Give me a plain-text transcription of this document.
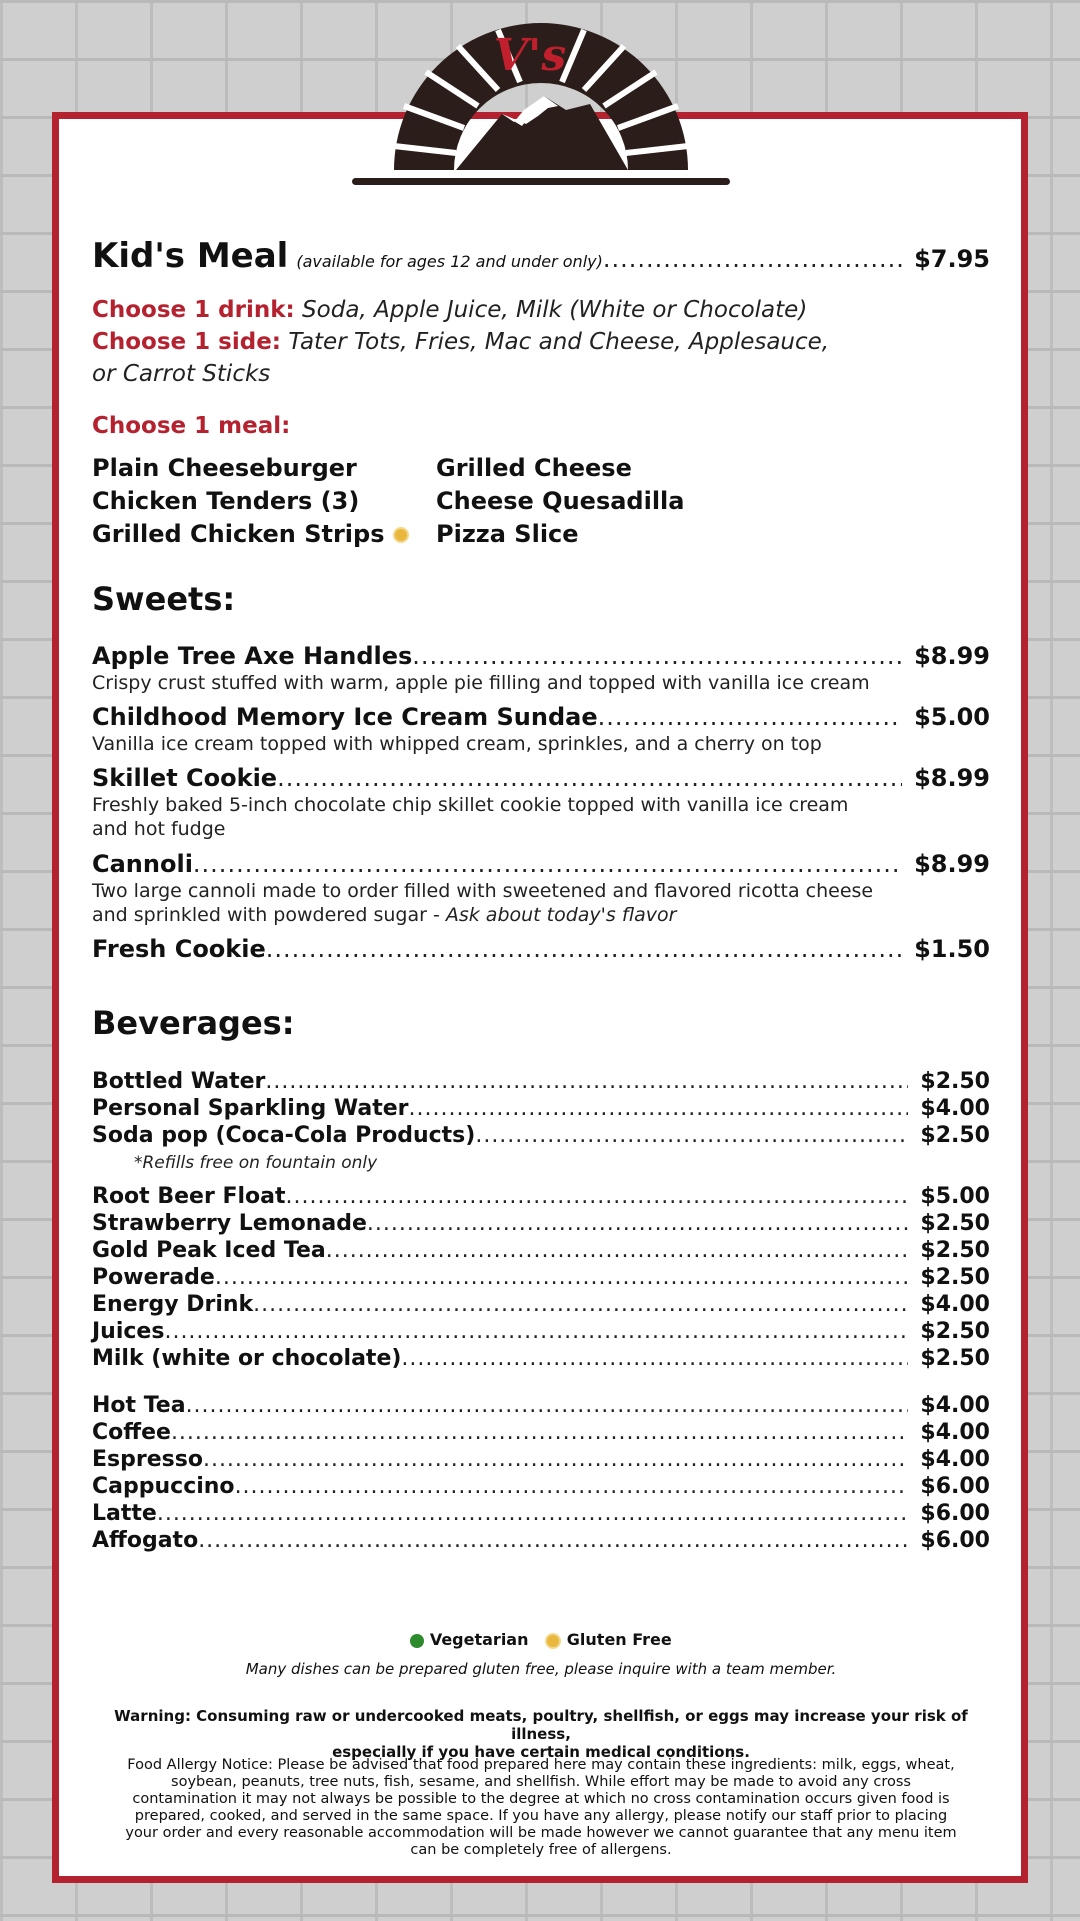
V's
Kid's Meal (available for ages 12 and under only) .....	$7.95
Choose 1 drink: Soda, Apple Juice, Milk (White or Chocolate)
Choose 1 side: Tater Tots, Fries, Mac and Cheese, Applesauce,
or Carrot Sticks
Choose 1 meal:
Plain Cheeseburger
Chicken Tenders (3)
Grilled Chicken Strips
Grilled Cheese
Cheese Quesadilla
Pizza Slice
Sweets:
Apple Tree Axe Handles .....	$8.99
Crispy crust stuffed with warm, apple pie filling and topped with vanilla ice cream
Childhood Memory Ice Cream Sundae .....	$5.00
Vanilla ice cream topped with whipped cream, sprinkles, and a cherry on top
Skillet Cookie .....	$8.99
Freshly baked 5-inch chocolate chip skillet cookie topped with vanilla ice cream
and hot fudge
Cannoli .....	$8.99
Two large cannoli made to order filled with sweetened and flavored ricotta cheese
and sprinkled with powdered sugar - Ask about today's flavor
Fresh Cookie .....	$1.50
Beverages:
Bottled Water .....	$2.50
Personal Sparkling Water .....	$4.00
Soda pop (Coca-Cola Products) .....	$2.50
*Refills free on fountain only
Root Beer Float .....	$5.00
Strawberry Lemonade .....	$2.50
Gold Peak Iced Tea .....	$2.50
Powerade .....	$2.50
Energy Drink .....	$4.00
Juices .....	$2.50
Milk (white or chocolate) .....	$2.50
Hot Tea .....	$4.00
Coffee .....	$4.00
Espresso .....	$4.00
Cappuccino .....	$6.00
Latte .....	$6.00
Affogato .....	$6.00
Vegetarian Gluten Free
Many dishes can be prepared gluten free, please inquire with a team member.
Warning: Consuming raw or undercooked meats, poultry, shellfish, or eggs may increase your risk of illness,
especially if you have certain medical conditions.
Food Allergy Notice: Please be advised that food prepared here may contain these ingredients: milk, eggs, wheat,
soybean, peanuts, tree nuts, fish, sesame, and shellfish. While effort may be made to avoid any cross
contamination it may not always be possible to the degree at which no cross contamination occurs given food is
prepared, cooked, and served in the same space. If you have any allergy, please notify our staff prior to placing
your order and every reasonable accommodation will be made however we cannot guarantee that any menu item
can be completely free of allergens.
